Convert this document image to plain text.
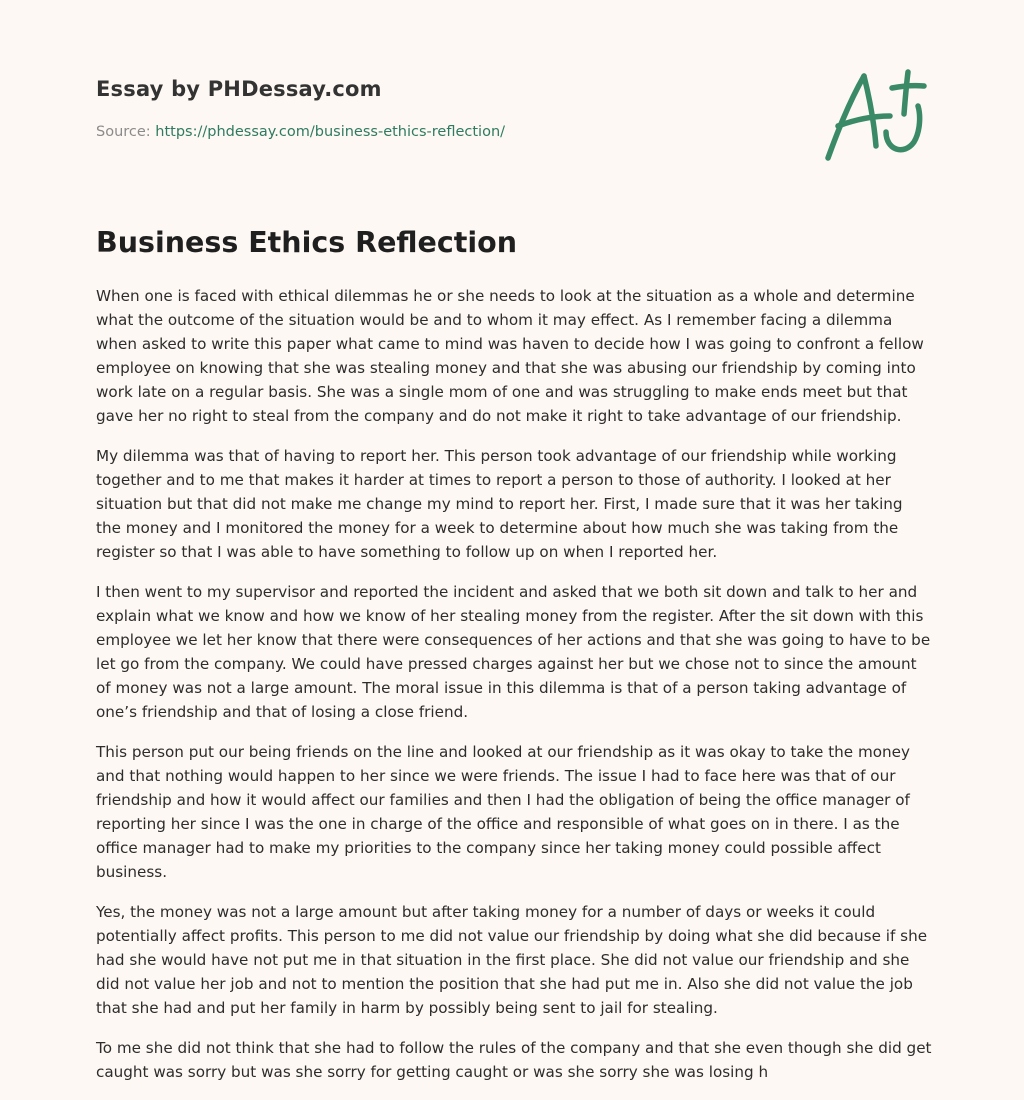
Essay by PHDessay.com
Source: https://phdessay.com/business-ethics-reflection/
Business Ethics Reflection

When one is faced with ethical dilemmas he or she needs to look at the situation as a whole and determine what the outcome of the situation would be and to whom it may effect. As I remember facing a dilemma when asked to write this paper what came to mind was haven to decide how I was going to confront a fellow employee on knowing that she was stealing money and that she was abusing our friendship by coming into work late on a regular basis. She was a single mom of one and was struggling to make ends meet but that gave her no right to steal from the company and do not make it right to take advantage of our friendship.

My dilemma was that of having to report her. This person took advantage of our friendship while working together and to me that makes it harder at times to report a person to those of authority. I looked at her situation but that did not make me change my mind to report her. First, I made sure that it was her taking the money and I monitored the money for a week to determine about how much she was taking from the register so that I was able to have something to follow up on when I reported her.

I then went to my supervisor and reported the incident and asked that we both sit down and talk to her and explain what we know and how we know of her stealing money from the register. After the sit down with this employee we let her know that there were consequences of her actions and that she was going to have to be let go from the company. We could have pressed charges against her but we chose not to since the amount of money was not a large amount. The moral issue in this dilemma is that of a person taking advantage of one’s friendship and that of losing a close friend.

This person put our being friends on the line and looked at our friendship as it was okay to take the money and that nothing would happen to her since we were friends. The issue I had to face here was that of our friendship and how it would affect our families and then I had the obligation of being the office manager of reporting her since I was the one in charge of the office and responsible of what goes on in there. I as the office manager had to make my priorities to the company since her taking money could possible affect business.

Yes, the money was not a large amount but after taking money for a number of days or weeks it could potentially affect profits. This person to me did not value our friendship by doing what she did because if she had she would have not put me in that situation in the first place. She did not value our friendship and she did not value her job and not to mention the position that she had put me in. Also she did not value the job that she had and put her family in harm by possibly being sent to jail for stealing.

To me she did not think that she had to follow the rules of the company and that she even though she did get caught was sorry but was she sorry for getting caught or was she sorry she was losing h
